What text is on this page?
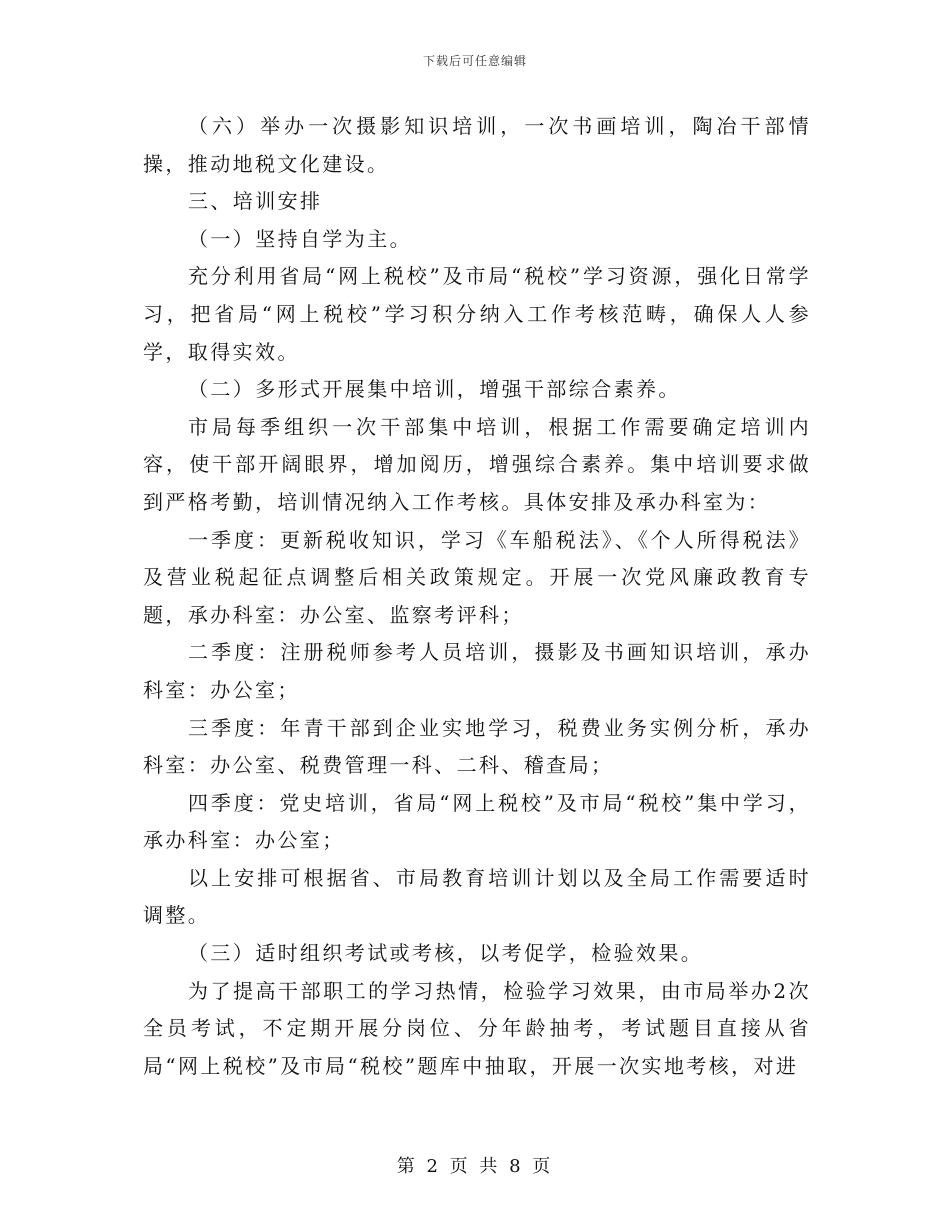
下载后可任意编辑

（六）举办一次摄影知识培训，一次书画培训，陶冶干部情操，推动地税文化建设。

三、培训安排

（一）坚持自学为主。

充分利用省局“网上税校”及市局“税校”学习资源，强化日常学习，把省局“网上税校”学习积分纳入工作考核范畴，确保人人参学，取得实效。

（二）多形式开展集中培训，增强干部综合素养。

市局每季组织一次干部集中培训，根据工作需要确定培训内容，使干部开阔眼界，增加阅历，增强综合素养。集中培训要求做到严格考勤，培训情况纳入工作考核。具体安排及承办科室为：

一季度：更新税收知识，学习《车船税法》、《个人所得税法》及营业税起征点调整后相关政策规定。开展一次党风廉政教育专题，承办科室：办公室、监察考评科；

二季度：注册税师参考人员培训，摄影及书画知识培训，承办科室：办公室；

三季度：年青干部到企业实地学习，税费业务实例分析，承办科室：办公室、税费管理一科、二科、稽查局；

四季度：党史培训，省局“网上税校”及市局“税校”集中学习，承办科室：办公室；

以上安排可根据省、市局教育培训计划以及全局工作需要适时调整。

（三）适时组织考试或考核，以考促学，检验效果。

为了提高干部职工的学习热情，检验学习效果，由市局举办2次全员考试，不定期开展分岗位、分年龄抽考，考试题目直接从省局“网上税校”及市局“税校”题库中抽取，开展一次实地考核，对进

第 2 页 共 8 页
